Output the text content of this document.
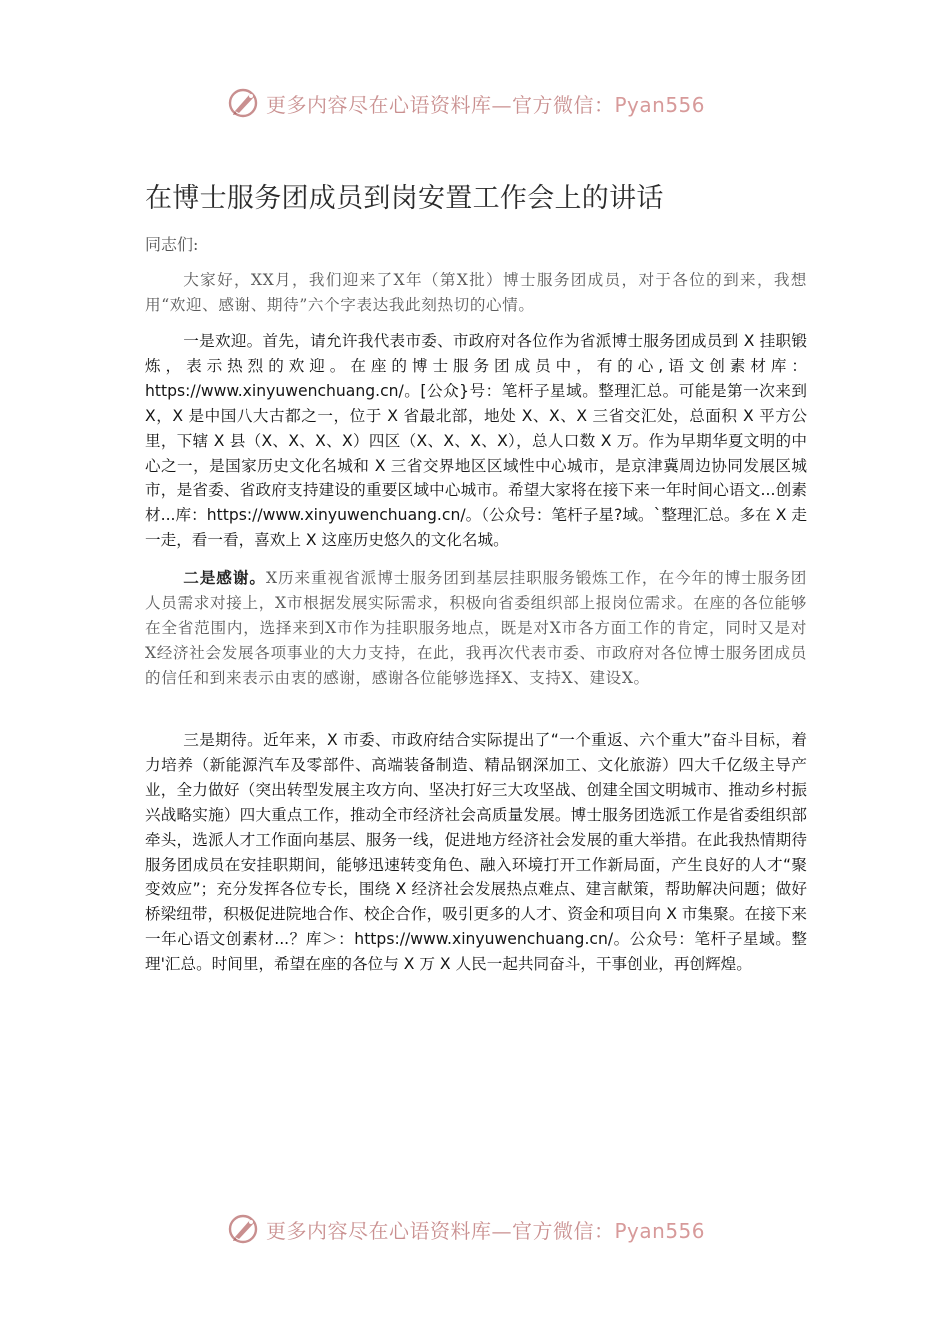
更多内容尽在心语资料库—官方微信：Pyan556
在博士服务团成员到岗安置工作会上的讲话
同志们:

大家好，XX月，我们迎来了X年（第X批）博士服务团成员，对于各位的到来，我想用“欢迎、感谢、期待”六个字表达我此刻热切的心情。

一是欢迎。首先，请允许我代表市委、市政府对各位作为省派博士服务团成员到 X 挂职锻炼，表示热烈的欢迎。在座的博士服务团成员中，有的心,语文创素材库：https://www.xinyuwenchuang.cn/。[公众}号：笔杆子星域。整理汇总。可能是第一次来到 X，X 是中国八大古都之一，位于 X 省最北部，地处 X、X、X 三省交汇处，总面积 X 平方公里，下辖 X 县（X、X、X、X）四区（X、X、X、X），总人口数 X 万。作为早期华夏文明的中心之一，是国家历史文化名城和 X 三省交界地区区域性中心城市，是京津冀周边协同发展区城市，是省委、省政府支持建设的重要区域中心城市。希望大家将在接下来一年时间心语文...创素材...库：https://www.xinyuwenchuang.cn/。（公众号：笔杆子星?域。`整理汇总。多在 X 走一走，看一看，喜欢上 X 这座历史悠久的文化名城。

二是感谢。X历来重视省派博士服务团到基层挂职服务锻炼工作，在今年的博士服务团人员需求对接上，X市根据发展实际需求，积极向省委组织部上报岗位需求。在座的各位能够在全省范围内，选择来到X市作为挂职服务地点，既是对X市各方面工作的肯定，同时又是对X经济社会发展各项事业的大力支持，在此，我再次代表市委、市政府对各位博士服务团成员的信任和到来表示由衷的感谢，感谢各位能够选择X、支持X、建设X。

三是期待。近年来，X 市委、市政府结合实际提出了“一个重返、六个重大”奋斗目标，着力培养（新能源汽车及零部件、高端装备制造、精品钢深加工、文化旅游）四大千亿级主导产业，全力做好（突出转型发展主攻方向、坚决打好三大攻坚战、创建全国文明城市、推动乡村振兴战略实施）四大重点工作，推动全市经济社会高质量发展。博士服务团选派工作是省委组织部牵头，选派人才工作面向基层、服务一线，促进地方经济社会发展的重大举措。在此我热情期待服务团成员在安挂职期间，能够迅速转变角色、融入环境打开工作新局面，产生良好的人才“聚变效应”；充分发挥各位专长，围绕 X 经济社会发展热点难点、建言献策，帮助解决问题；做好桥梁纽带，积极促进院地合作、校企合作，吸引更多的人才、资金和项目向 X 市集聚。在接下来一年心语文创素材...？库＞：https://www.xinyuwenchuang.cn/。公众号：笔杆子星域。整理'汇总。时间里，希望在座的各位与 X 万 X 人民一起共同奋斗，干事创业，再创辉煌。

更多内容尽在心语资料库—官方微信：Pyan556
